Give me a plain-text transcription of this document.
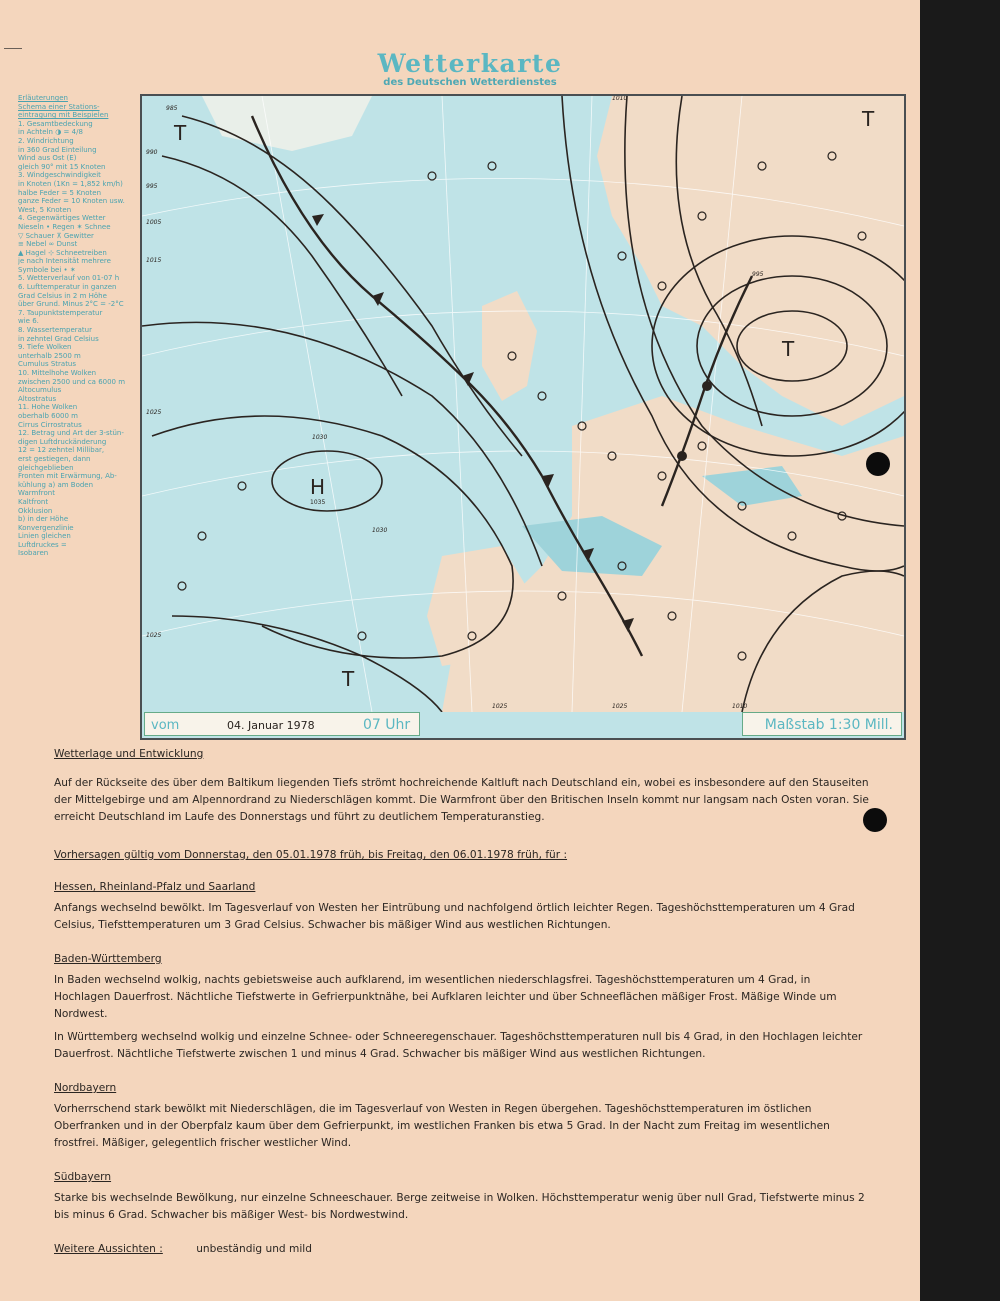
Wetterkarte
des Deutschen Wetterdienstes
Erläuterungen
Schema einer Stations-
eintragung mit Beispielen
1. Gesamtbedeckung
in Achteln ◑ = 4/8
2. Windrichtung
in 360 Grad Einteilung
Wind aus Ost (E)
gleich 90° mit 15 Knoten
3. Windgeschwindigkeit
in Knoten (1Kn = 1,852 km/h)
halbe Feder = 5 Knoten
ganze Feder = 10 Knoten usw.
West, 5 Knoten
4. Gegenwärtiges Wetter
Nieseln • Regen ✶ Schnee
▽ Schauer ⊼ Gewitter
≡ Nebel ∞ Dunst
▲ Hagel ⊹ Schneetreiben
je nach Intensität mehrere
Symbole bei • ✶
5. Wetterverlauf von 01-07 h
6. Lufttemperatur in ganzen
Grad Celsius in 2 m Höhe
über Grund. Minus 2°C = -2°C
7. Taupunktstemperatur
wie 6.
8. Wassertemperatur
in zehntel Grad Celsius
9. Tiefe Wolken
unterhalb 2500 m
Cumulus Stratus
10. Mittelhohe Wolken
zwischen 2500 und ca 6000 m
Altocumulus
Altostratus
11. Hohe Wolken
oberhalb 6000 m
Cirrus Cirrostratus
12. Betrag und Art der 3-stün-
digen Luftdruckänderung
12 = 12 zehntel Millibar,
erst gestiegen, dann
gleichgeblieben
Fronten mit Erwärmung, Ab-
kühlung a) am Boden
Warmfront
Kaltfront
Okklusion
b) in der Höhe
Konvergenzlinie
Linien gleichen
Luftdruckes =
Isobaren
H
1035
T
T
T
T
1030
1025
1030
1025
1015
1005
995
990
985
1010
995
1010
1025
1025
vom	04. Januar 1978	07 Uhr	Maßstab 1:30 Mill.

Wetterlage und Entwicklung

Auf der Rückseite des über dem Baltikum liegenden Tiefs strömt hochreichende Kaltluft nach Deutschland ein, wobei es insbesondere auf den Stauseiten der Mittelgebirge und am Alpennordrand zu Niederschlägen kommt. Die Warmfront über den Britischen Inseln kommt nur langsam nach Osten voran. Sie erreicht Deutschland im Laufe des Donnerstags und führt zu deutlichem Temperaturanstieg.

Vorhersagen gültig vom Donnerstag, den 05.01.1978 früh, bis Freitag, den 06.01.1978 früh, für :

Hessen, Rheinland-Pfalz und Saarland

Anfangs wechselnd bewölkt. Im Tagesverlauf von Westen her Eintrübung und nachfolgend örtlich leichter Regen. Tageshöchsttemperaturen um 4 Grad Celsius, Tiefsttemperaturen um 3 Grad Celsius. Schwacher bis mäßiger Wind aus westlichen Richtungen.

Baden-Württemberg

In Baden wechselnd wolkig, nachts gebietsweise auch aufklarend, im wesentlichen niederschlagsfrei. Tageshöchsttemperaturen um 4 Grad, in Hochlagen Dauerfrost. Nächtliche Tiefstwerte in Gefrierpunktnähe, bei Aufklaren leichter und über Schneeflächen mäßiger Frost. Mäßige Winde um Nordwest.

In Württemberg wechselnd wolkig und einzelne Schnee- oder Schneeregenschauer. Tageshöchsttemperaturen null bis 4 Grad, in den Hochlagen leichter Dauerfrost. Nächtliche Tiefstwerte zwischen 1 und minus 4 Grad. Schwacher bis mäßiger Wind aus westlichen Richtungen.

Nordbayern

Vorherrschend stark bewölkt mit Niederschlägen, die im Tagesverlauf von Westen in Regen übergehen. Tageshöchsttemperaturen im östlichen Oberfranken und in der Oberpfalz kaum über dem Gefrierpunkt, im westlichen Franken bis etwa 5 Grad. In der Nacht zum Freitag im wesentlichen frostfrei. Mäßiger, gelegentlich frischer westlicher Wind.

Südbayern

Starke bis wechselnde Bewölkung, nur einzelne Schneeschauer. Berge zeitweise in Wolken. Höchsttemperatur wenig über null Grad, Tiefstwerte minus 2 bis minus 6 Grad. Schwacher bis mäßiger West- bis Nordwestwind.

Weitere Aussichten :	unbeständig und mild
